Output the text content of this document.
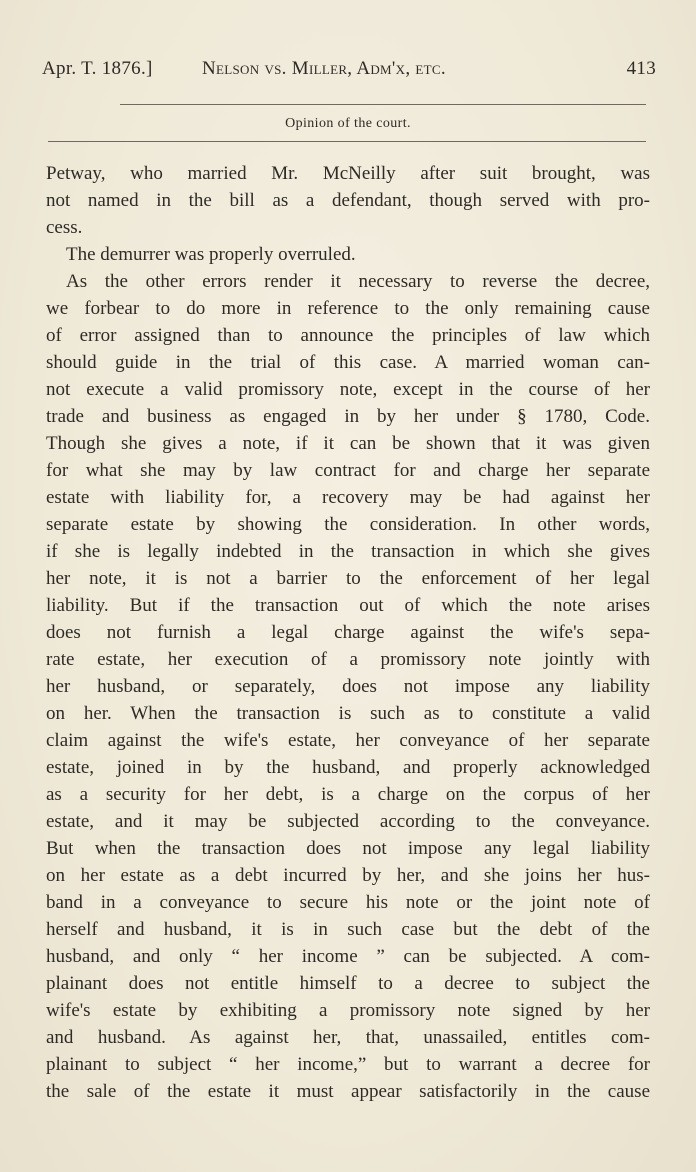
Apr. T. 1876.]	Nelson vs. Miller, Adm'x, etc.	413
Opinion of the court.
Petway, who married Mr. McNeilly after suit brought, was
not named in the bill as a defendant, though served with pro-
cess.
The demurrer was properly overruled.
As the other errors render it necessary to reverse the decree,
we forbear to do more in reference to the only remaining cause
of error assigned than to announce the principles of law which
should guide in the trial of this case. A married woman can-
not execute a valid promissory note, except in the course of her
trade and business as engaged in by her under § 1780, Code.
Though she gives a note, if it can be shown that it was given
for what she may by law contract for and charge her separate
estate with liability for, a recovery may be had against her
separate estate by showing the consideration. In other words,
if she is legally indebted in the transaction in which she gives
her note, it is not a barrier to the enforcement of her legal
liability. But if the transaction out of which the note arises
does not furnish a legal charge against the wife's sepa-
rate estate, her execution of a promissory note jointly with
her husband, or separately, does not impose any liability
on her. When the transaction is such as to constitute a valid
claim against the wife's estate, her conveyance of her separate
estate, joined in by the husband, and properly acknowledged
as a security for her debt, is a charge on the corpus of her
estate, and it may be subjected according to the conveyance.
But when the transaction does not impose any legal liability
on her estate as a debt incurred by her, and she joins her hus-
band in a conveyance to secure his note or the joint note of
herself and husband, it is in such case but the debt of the
husband, and only “ her income ” can be subjected. A com-
plainant does not entitle himself to a decree to subject the
wife's estate by exhibiting a promissory note signed by her
and husband. As against her, that, unassailed, entitles com-
plainant to subject “ her income,” but to warrant a decree for
the sale of the estate it must appear satisfactorily in the cause
